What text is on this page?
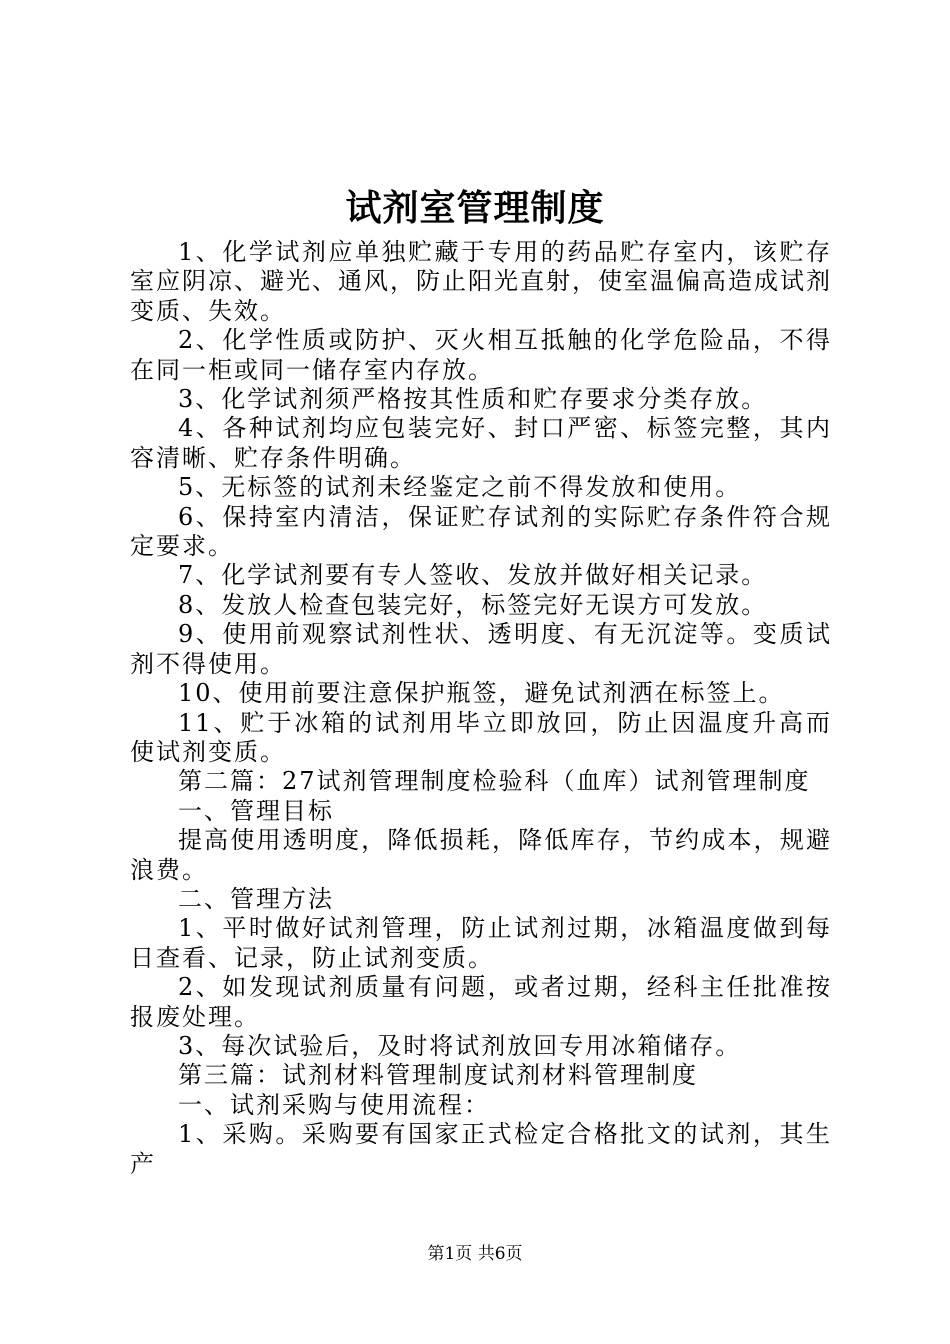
试剂室管理制度

1、化学试剂应单独贮藏于专用的药品贮存室内，该贮存室应阴凉、避光、通风，防止阳光直射，使室温偏高造成试剂变质、失效。

2、化学性质或防护、灭火相互抵触的化学危险品，不得在同一柜或同一储存室内存放。

3、化学试剂须严格按其性质和贮存要求分类存放。

4、各种试剂均应包装完好、封口严密、标签完整，其内容清晰、贮存条件明确。

5、无标签的试剂未经鉴定之前不得发放和使用。

6、保持室内清洁，保证贮存试剂的实际贮存条件符合规定要求。

7、化学试剂要有专人签收、发放并做好相关记录。

8、发放人检查包装完好，标签完好无误方可发放。

9、使用前观察试剂性状、透明度、有无沉淀等。变质试剂不得使用。

10、使用前要注意保护瓶签，避免试剂洒在标签上。

11、贮于冰箱的试剂用毕立即放回，防止因温度升高而使试剂变质。

第二篇：27试剂管理制度检验科（血库）试剂管理制度

一、管理目标

提高使用透明度，降低损耗，降低库存，节约成本，规避浪费。

二、管理方法

1、平时做好试剂管理，防止试剂过期，冰箱温度做到每日查看、记录，防止试剂变质。

2、如发现试剂质量有问题，或者过期，经科主任批准按报废处理。

3、每次试验后，及时将试剂放回专用冰箱储存。

第三篇：试剂材料管理制度试剂材料管理制度

一、试剂采购与使用流程：

1、采购。采购要有国家正式检定合格批文的试剂，其生产

第1页 共6页
